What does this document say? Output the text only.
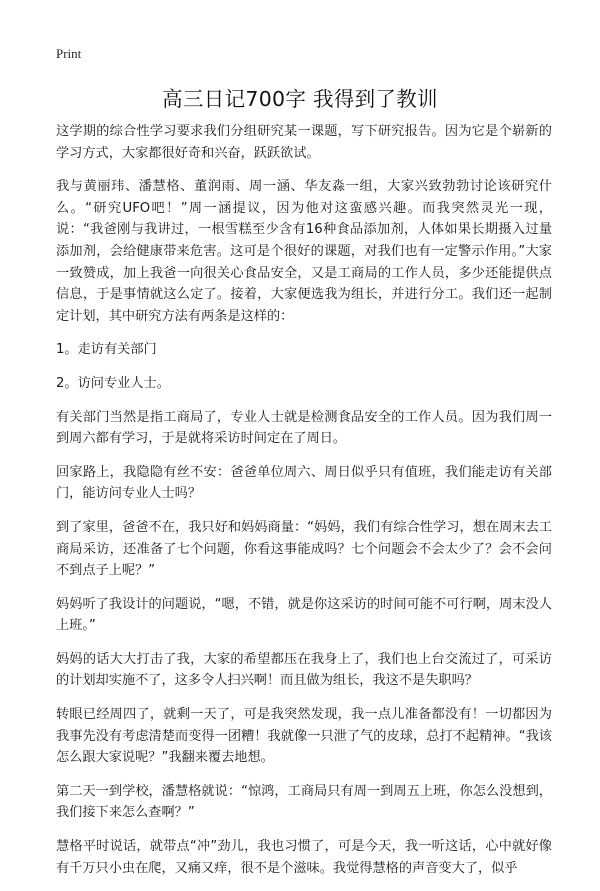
Print
高三日记700字 我得到了教训

这学期的综合性学习要求我们分组研究某一课题，写下研究报告。因为它是个崭新的学习方式，大家都很好奇和兴奋，跃跃欲试。

我与黄丽玮、潘慧格、董润雨、周一涵、华友淼一组，大家兴致勃勃讨论该研究什么。“研究UFO吧！”周一涵提议，因为他对这蛮感兴趣。而我突然灵光一现，说：“我爸刚与我讲过，一根雪糕至少含有16种食品添加剂，人体如果长期摄入过量添加剂，会给健康带来危害。这可是个很好的课题，对我们也有一定警示作用。”大家一致赞成，加上我爸一向很关心食品安全，又是工商局的工作人员，多少还能提供点信息，于是事情就这么定了。接着，大家便选我为组长，并进行分工。我们还一起制定计划，其中研究方法有两条是这样的：

1。走访有关部门

2。访问专业人士。

有关部门当然是指工商局了，专业人士就是检测食品安全的工作人员。因为我们周一到周六都有学习，于是就将采访时间定在了周日。

回家路上，我隐隐有丝不安：爸爸单位周六、周日似乎只有值班，我们能走访有关部门，能访问专业人士吗？

到了家里，爸爸不在，我只好和妈妈商量：“妈妈，我们有综合性学习，想在周末去工商局采访，还准备了七个问题，你看这事能成吗？七个问题会不会太少了？会不会问不到点子上呢？”

妈妈听了我设计的问题说，“嗯，不错，就是你这采访的时间可能不可行啊，周末没人上班。”

妈妈的话大大打击了我，大家的希望都压在我身上了，我们也上台交流过了，可采访的计划却实施不了，这多令人扫兴啊！而且做为组长，我这不是失职吗？

转眼已经周四了，就剩一天了，可是我突然发现，我一点儿准备都没有！一切都因为我事先没有考虑清楚而变得一团糟！我就像一只泄了气的皮球，总打不起精神。“我该怎么跟大家说呢？”我翻来覆去地想。

第二天一到学校，潘慧格就说：“惊鸿，工商局只有周一到周五上班，你怎么没想到，我们接下来怎么查啊？”

慧格平时说话，就带点“冲”劲儿，我也习惯了，可是今天，我一听这话，心中就好像有千万只小虫在爬，又痛又痒，很不是个滋味。我觉得慧格的声音变大了，似乎
